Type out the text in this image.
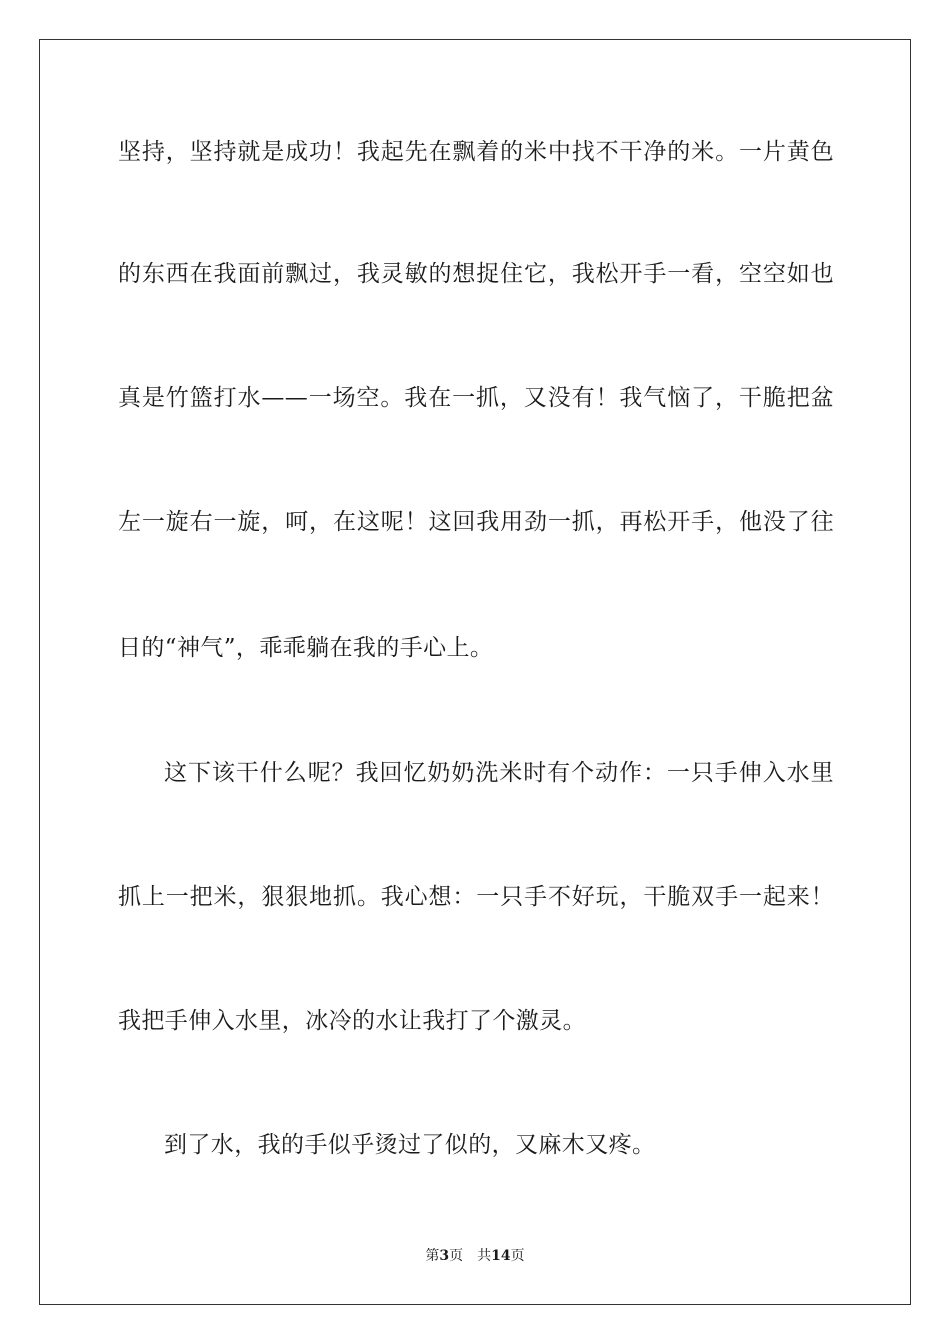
坚持，坚持就是成功！我起先在飘着的米中找不干净的米。一片黄色
的东西在我面前飘过，我灵敏的想捉住它，我松开手一看，空空如也
真是竹篮打水——一场空。我在一抓，又没有！我气恼了，干脆把盆
左一旋右一旋，呵，在这呢！这回我用劲一抓，再松开手，他没了往
日的“神气”，乖乖躺在我的手心上。
这下该干什么呢？我回忆奶奶洗米时有个动作：一只手伸入水里
抓上一把米，狠狠地抓。我心想：一只手不好玩，干脆双手一起来！
我把手伸入水里，冰冷的水让我打了个激灵。
到了水，我的手似乎烫过了似的，又麻木又疼。
第3页 共14页
